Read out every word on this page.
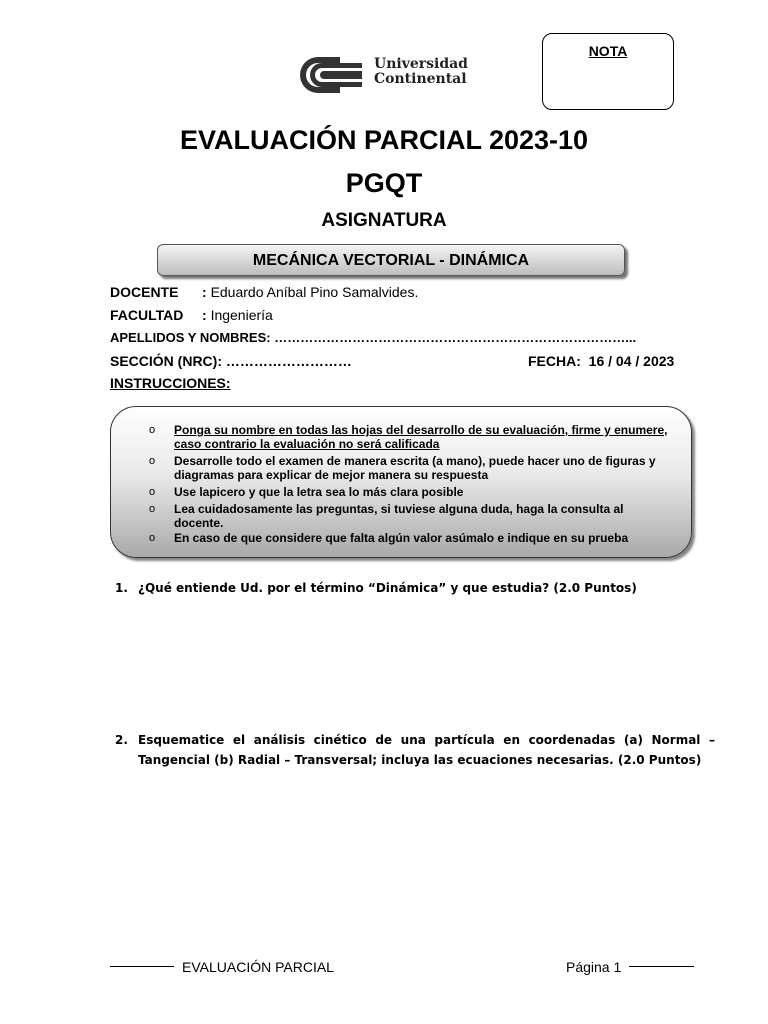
Universidad
Continental
NOTA
EVALUACIÓN PARCIAL 2023-10
PGQT
ASIGNATURA
MECÁNICA VECTORIAL - DINÁMICA
DOCENTE : Eduardo Aníbal Pino Samalvides.
FACULTAD : Ingeniería
APELLIDOS Y NOMBRES: ………………………………………………………………………...
SECCIÓN (NRC): ………………………	FECHA: 16 / 04 / 2023
INSTRUCCIONES:
o Ponga su nombre en todas las hojas del desarrollo de su evaluación, firme y enumere, caso contrario la evaluación no será calificada
o Desarrolle todo el examen de manera escrita (a mano), puede hacer uno de figuras y diagramas para explicar de mejor manera su respuesta
o Use lapicero y que la letra sea lo más clara posible
o Lea cuidadosamente las preguntas, si tuviese alguna duda, haga la consulta al docente.
o En caso de que considere que falta algún valor asúmalo e indique en su prueba
1. ¿Qué entiende Ud. por el término “Dinámica” y que estudia? (2.0 Puntos)
2. Esquematice el análisis cinético de una partícula en coordenadas (a) Normal – Tangencial (b) Radial – Transversal; incluya las ecuaciones necesarias. (2.0 Puntos)
EVALUACIÓN PARCIAL	Página 1
